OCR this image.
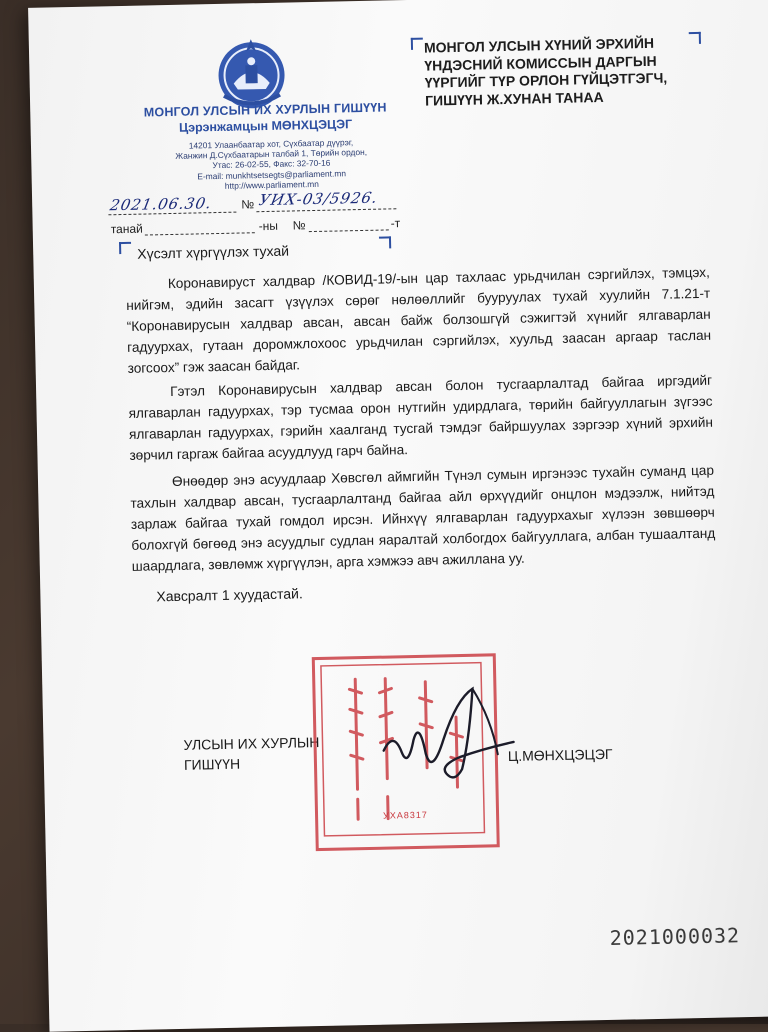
МОНГОЛ УЛСЫН ИХ ХУРЛЫН ГИШҮҮН
Цэрэнжамцын МӨНХЦЭЦЭГ
14201 Улаанбаатар хот, Сүхбаатар дүүрэг,
Жанжин Д.Сүхбаатарын талбай 1, Төрийн ордон,
Утас: 26-02-55, Факс: 32-70-16
E-mail: munkhtsetsegts@parliament.mn
http://www.parliament.mn
МОНГОЛ УЛСЫН ХҮНИЙ ЭРХИЙН
ҮНДЭСНИЙ КОМИССЫН ДАРГЫН
ҮҮРГИЙГ ТҮР ОРЛОН ГҮЙЦЭТГЭГЧ,
ГИШҮҮН Ж.ХУНАН ТАНАА
2021.06.30. № УИХ-03/5926.
танай	-ны №	-т
Хүсэлт хүргүүлэх тухай
Коронавируст халдвар /КОВИД-19/-ын цар тахлаас урьдчилан сэргийлэх, тэмцэх, нийгэм, эдийн засагт үзүүлэх сөрөг нөлөөллийг бууруулах тухай хуулийн 7.1.21-т “Коронавирусын халдвар авсан, авсан байж болзошгүй сэжигтэй хүнийг ялгаварлан гадуурхах, гутаан доромжлохоос урьдчилан сэргийлэх, хуульд заасан аргаар таслан зогсоох” гэж заасан байдаг.
Гэтэл Коронавирусын халдвар авсан болон тусгаарлалтад байгаа иргэдийг ялгаварлан гадуурхах, тэр тусмаа орон нутгийн удирдлага, төрийн байгууллагын зүгээс ялгаварлан гадуурхах, гэрийн хаалганд тусгай тэмдэг байршуулах зэргээр хүний эрхийн зөрчил гаргаж байгаа асуудлууд гарч байна.
Өнөөдөр энэ асуудлаар Хөвсгөл аймгийн Түнэл сумын иргэнээс тухайн суманд цар тахлын халдвар авсан, тусгаарлалтанд байгаа айл өрхүүдийг онцлон мэдээлж, нийтэд зарлаж байгаа тухай гомдол ирсэн. Ийнхүү ялгаварлан гадуурхахыг хүлээн зөвшөөрч болохгүй бөгөөд энэ асуудлыг судлан яаралтай холбогдох байгууллага, албан тушаалтанд шаардлага, зөвлөмж хүргүүлэн, арга хэмжээ авч ажиллана уу.
Хавсралт 1 хуудастай.
УЛСЫН ИХ ХУРЛЫН
ГИШҮҮН
УХА8317
Ц.МӨНХЦЭЦЭГ
2021000032
